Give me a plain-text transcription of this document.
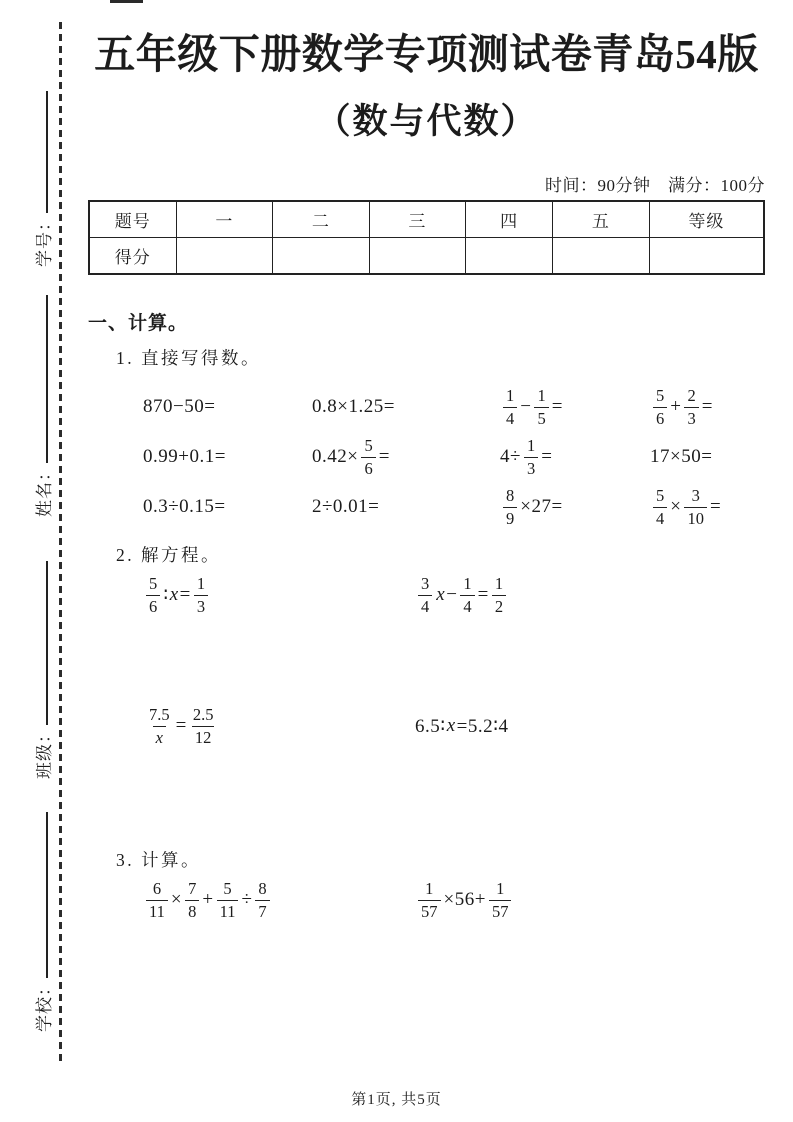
学号：
姓名：
班级：
学校：
五年级下册数学专项测试卷青岛54版
（数与代数）
时间：90分钟　满分：100分
题号	一	二	三	四	五	等级
得分						
一、计算。
1. 直接写得数。
870−50=	0.8×1.25=	$\frac{1}{4} - \frac{1}{5}$ =	$\frac{5}{6} + \frac{2}{3}$ =
0.99+0.1=	$0.42\times \frac{5}{6}$ =	$4\div \frac{1}{3}$ =	17×50=
0.3÷0.15=	2÷0.01=	$\frac{8}{9} \times 27=$	$\frac{5}{4} \times \frac{3}{10}$ =
2. 解方程。
$\frac{5}{6}$ ∶ $x = \frac{1}{3}$	$\frac{3}{4}$ $x - \frac{1}{4} = \frac{1}{2}$
$\frac{7.5}{x} = \frac{2.5}{12}$	6.5∶ x =5.2∶4
3. 计算。
$\frac{6}{11} \times \frac{7}{8} + \frac{5}{11} \div \frac{8}{7}$	$\frac{1}{57} \times 56+ \frac{1}{57}$
第1页, 共5页
